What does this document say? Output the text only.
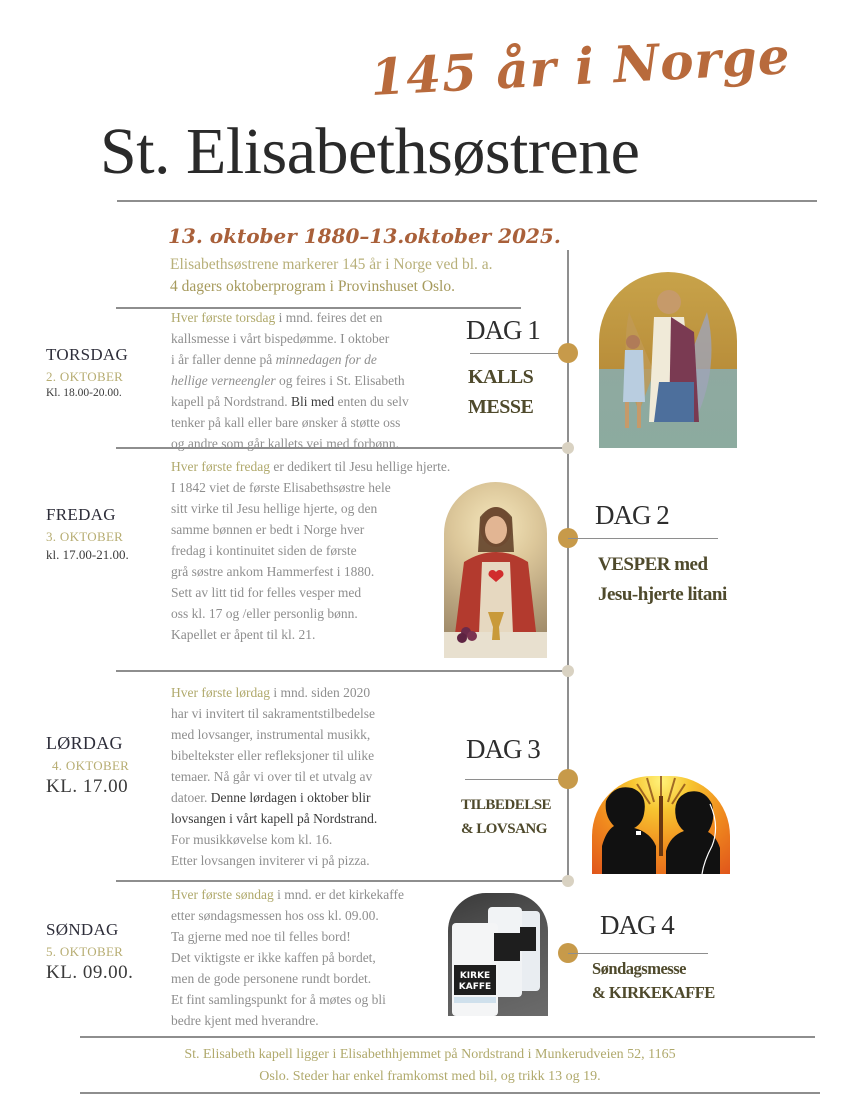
145 år i Norge
St. Elisabethsøstrene
13. oktober 1880–13.oktober 2025.
Elisabethsøstrene markerer 145 år i Norge ved bl. a.
4 dagers oktoberprogram i Provinshuset Oslo.
TORSDAG
2. OKTOBER
Kl. 18.00-20.00.
Hver første torsdag i mnd. feires det en
kallsmesse i vårt bispedømme. I oktober
i år faller denne på minnedagen for de
hellige verneengler og feires i St. Elisabeth
kapell på Nordstrand. Bli med enten du selv
tenker på kall eller bare ønsker å støtte oss
og andre som går kallets vei med forbønn.
DAG 1
KALLS
MESSE
FREDAG
3. OKTOBER
kl. 17.00-21.00.
Hver første fredag er dedikert til Jesu hellige hjerte.
I 1842 viet de første Elisabethsøstre hele
sitt virke til Jesu hellige hjerte, og den
samme bønnen er bedt i Norge hver
fredag i kontinuitet siden de første
grå søstre ankom Hammerfest i 1880.
Sett av litt tid for felles vesper med
oss kl. 17 og /eller personlig bønn.
Kapellet er åpent til kl. 21.
DAG 2
VESPER med
Jesu-hjerte litani
LØRDAG
4. OKTOBER
KL. 17.00
Hver første lørdag i mnd. siden 2020
har vi invitert til sakramentstilbedelse
med lovsanger, instrumental musikk,
bibeltekster eller refleksjoner til ulike
temaer. Nå går vi over til et utvalg av
datoer. Denne lørdagen i oktober blir
lovsangen i vårt kapell på Nordstrand.
For musikkøvelse kom kl. 16.
Etter lovsangen inviterer vi på pizza.
DAG 3
TILBEDELSE
& LOVSANG
SØNDAG
5. OKTOBER
KL. 09.00.
Hver første søndag i mnd. er det kirkekaffe
etter søndagsmessen hos oss kl. 09.00.
Ta gjerne med noe til felles bord!
Det viktigste er ikke kaffen på bordet,
men de gode personene rundt bordet.
Et fint samlingspunkt for å møtes og bli
bedre kjent med hverandre.
KIRKE
KAFFE
DAG 4
Søndagsmesse
& KIRKEKAFFE
St. Elisabeth kapell ligger i Elisabethhjemmet på Nordstrand i Munkerudveien 52, 1165
Oslo. Steder har enkel framkomst med bil, og trikk 13 og 19.
